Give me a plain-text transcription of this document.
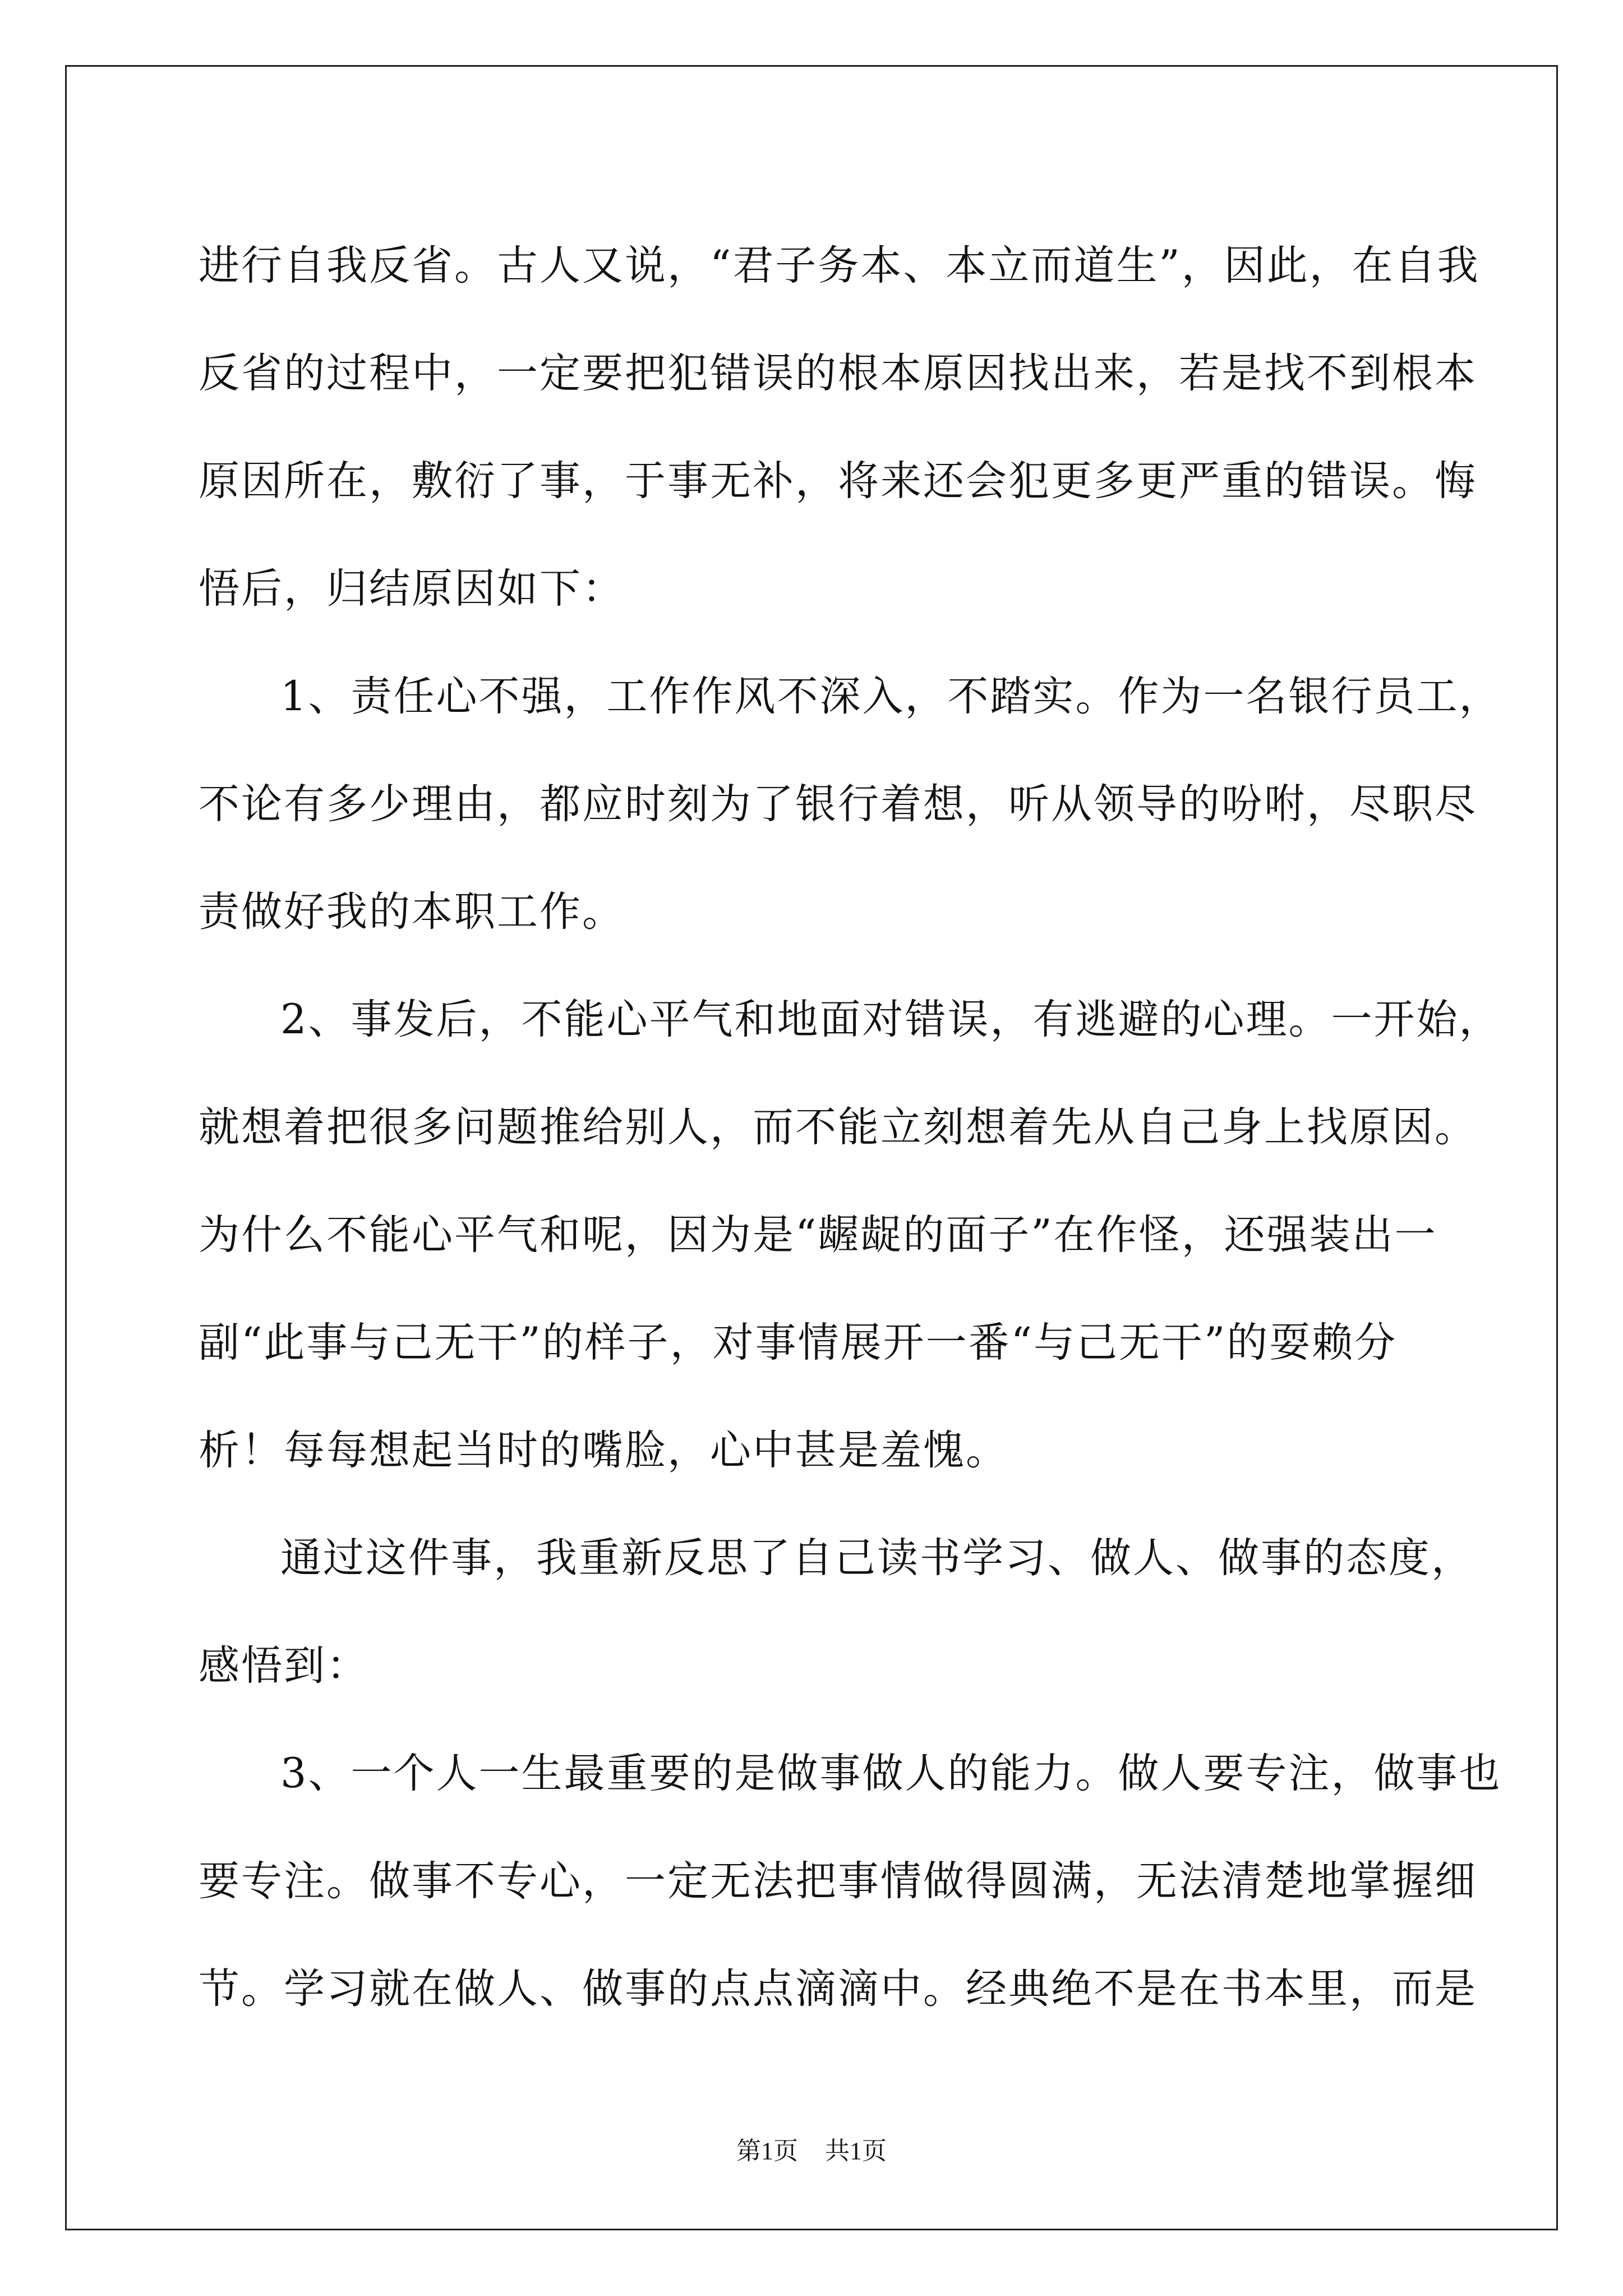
进行自我反省。古人又说，“君子务本、本立而道生”，因此，在自我
反省的过程中，一定要把犯错误的根本原因找出来，若是找不到根本
原因所在，敷衍了事，于事无补，将来还会犯更多更严重的错误。悔
悟后，归结原因如下：
1、责任心不强，工作作风不深入，不踏实。作为一名银行员工，
不论有多少理由，都应时刻为了银行着想，听从领导的吩咐，尽职尽
责做好我的本职工作。
2、事发后，不能心平气和地面对错误，有逃避的心理。一开始，
就想着把很多问题推给别人，而不能立刻想着先从自己身上找原因。
为什么不能心平气和呢，因为是“龌龊的面子”在作怪，还强装出一
副“此事与己无干”的样子，对事情展开一番“与己无干”的耍赖分
析！每每想起当时的嘴脸，心中甚是羞愧。
通过这件事，我重新反思了自己读书学习、做人、做事的态度，
感悟到：
3、一个人一生最重要的是做事做人的能力。做人要专注，做事也
要专注。做事不专心，一定无法把事情做得圆满，无法清楚地掌握细
节。学习就在做人、做事的点点滴滴中。经典绝不是在书本里，而是
第1页 共1页
